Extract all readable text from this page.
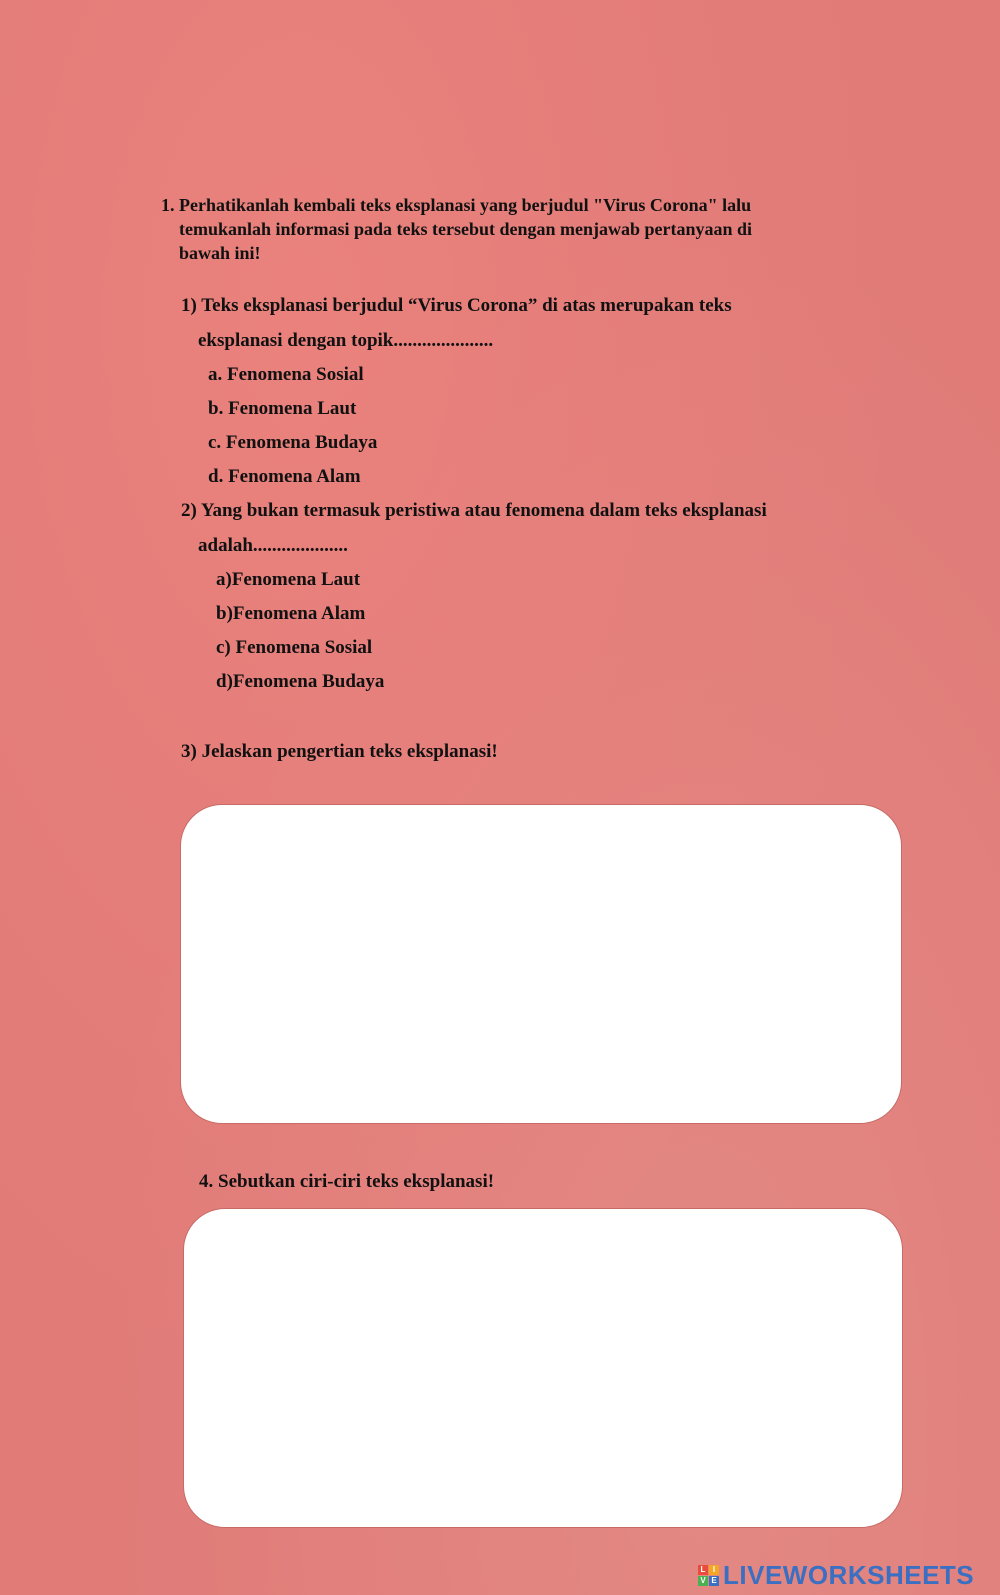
1. Perhatikanlah kembali teks eksplanasi yang berjudul "Virus Corona" lalu
temukanlah informasi pada teks tersebut dengan menjawab pertanyaan di
bawah ini!
1) Teks eksplanasi berjudul “Virus Corona” di atas merupakan teks
eksplanasi dengan topik.....................
a. Fenomena Sosial
b. Fenomena Laut
c. Fenomena Budaya
d. Fenomena Alam
2) Yang bukan termasuk peristiwa atau fenomena dalam teks eksplanasi
adalah....................
a)Fenomena Laut
b)Fenomena Alam
c) Fenomena Sosial
d)Fenomena Budaya
3) Jelaskan pengertian teks eksplanasi!
4. Sebutkan ciri-ciri teks eksplanasi!
L I
V E LIVEWORKSHEETS
